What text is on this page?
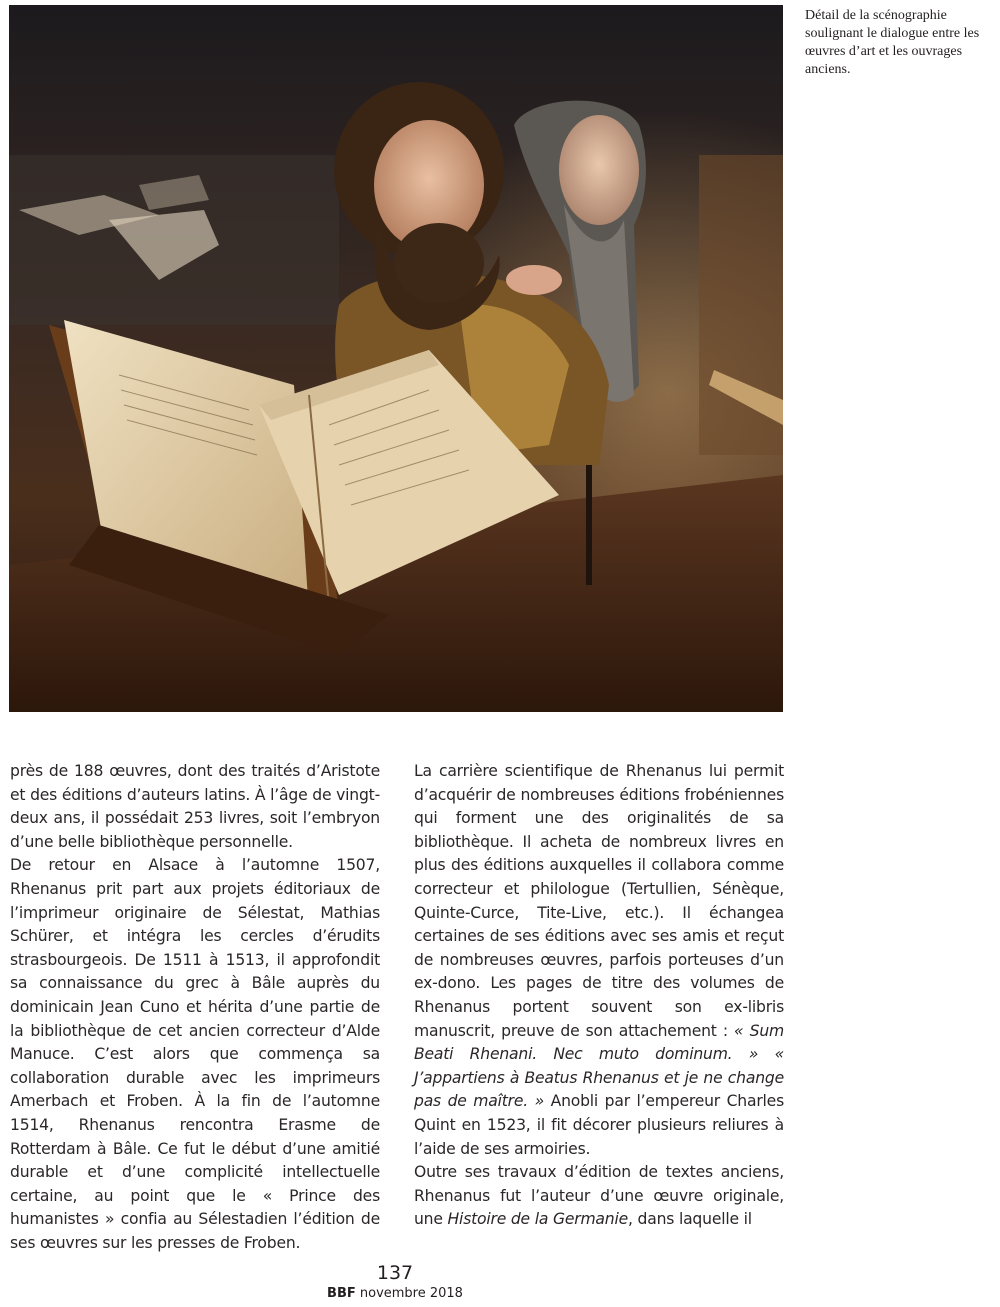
Détail de la scénographie soulignant le dialogue entre les œuvres d’art et les ouvrages anciens.

près de 188 œuvres, dont des traités d’Aristote et des éditions d’auteurs latins. À l’âge de vingt-deux ans, il possédait 253 livres, soit l’embryon d’une belle bibliothèque personnelle.

De retour en Alsace à l’automne 1507, Rhenanus prit part aux projets éditoriaux de l’imprimeur originaire de Sélestat, Mathias Schürer, et intégra les cercles d’érudits strasbourgeois. De 1511 à 1513, il approfondit sa connaissance du grec à Bâle auprès du dominicain Jean Cuno et hérita d’une partie de la bibliothèque de cet ancien correcteur d’Alde Manuce. C’est alors que commença sa collaboration durable avec les imprimeurs Amerbach et Froben. À la fin de l’automne 1514, Rhenanus rencontra Erasme de Rotterdam à Bâle. Ce fut le début d’une amitié durable et d’une complicité intellectuelle certaine, au point que le « Prince des humanistes » confia au Sélestadien l’édition de ses œuvres sur les presses de Froben.

La carrière scientifique de Rhenanus lui permit d’acquérir de nombreuses éditions frobéniennes qui forment une des originalités de sa bibliothèque. Il acheta de nombreux livres en plus des éditions auxquelles il collabora comme correcteur et philologue (Tertullien, Sénèque, Quinte-Curce, Tite-Live, etc.). Il échangea certaines de ses éditions avec ses amis et reçut de nombreuses œuvres, parfois porteuses d’un ex-dono. Les pages de titre des volumes de Rhenanus portent souvent son ex-libris manuscrit, preuve de son attachement : « Sum Beati Rhenani. Nec muto dominum. » « J’appartiens à Beatus Rhenanus et je ne change pas de maître. » Anobli par l’empereur Charles Quint en 1523, il fit décorer plusieurs reliures à l’aide de ses armoiries.

Outre ses travaux d’édition de textes anciens, Rhenanus fut l’auteur d’une œuvre originale, une Histoire de la Germanie, dans laquelle il

137
BBF novembre 2018
